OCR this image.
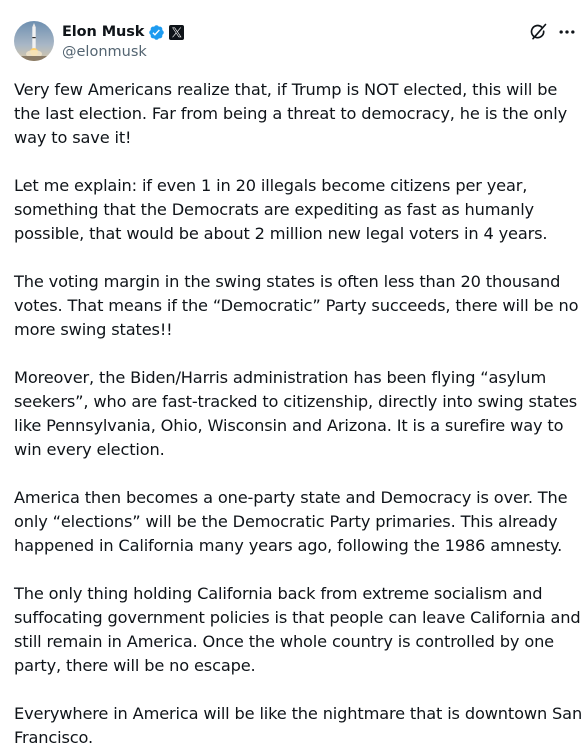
Elon Musk
@elonmusk

Very few Americans realize that, if Trump is NOT elected, this will be the last election. Far from being a threat to democracy, he is the only way to save it!

Let me explain: if even 1 in 20 illegals become citizens per year, something that the Democrats are expediting as fast as humanly possible, that would be about 2 million new legal voters in 4 years.

The voting margin in the swing states is often less than 20 thousand votes. That means if the “Democratic” Party succeeds, there will be no more swing states!!

Moreover, the Biden/Harris administration has been flying “asylum seekers”, who are fast-tracked to citizenship, directly into swing states like Pennsylvania, Ohio, Wisconsin and Arizona. It is a surefire way to win every election.

America then becomes a one-party state and Democracy is over. The only “elections” will be the Democratic Party primaries. This already happened in California many years ago, following the 1986 amnesty.

The only thing holding California back from extreme socialism and suffocating government policies is that people can leave California and still remain in America. Once the whole country is controlled by one party, there will be no escape.

Everywhere in America will be like the nightmare that is downtown San Francisco.
